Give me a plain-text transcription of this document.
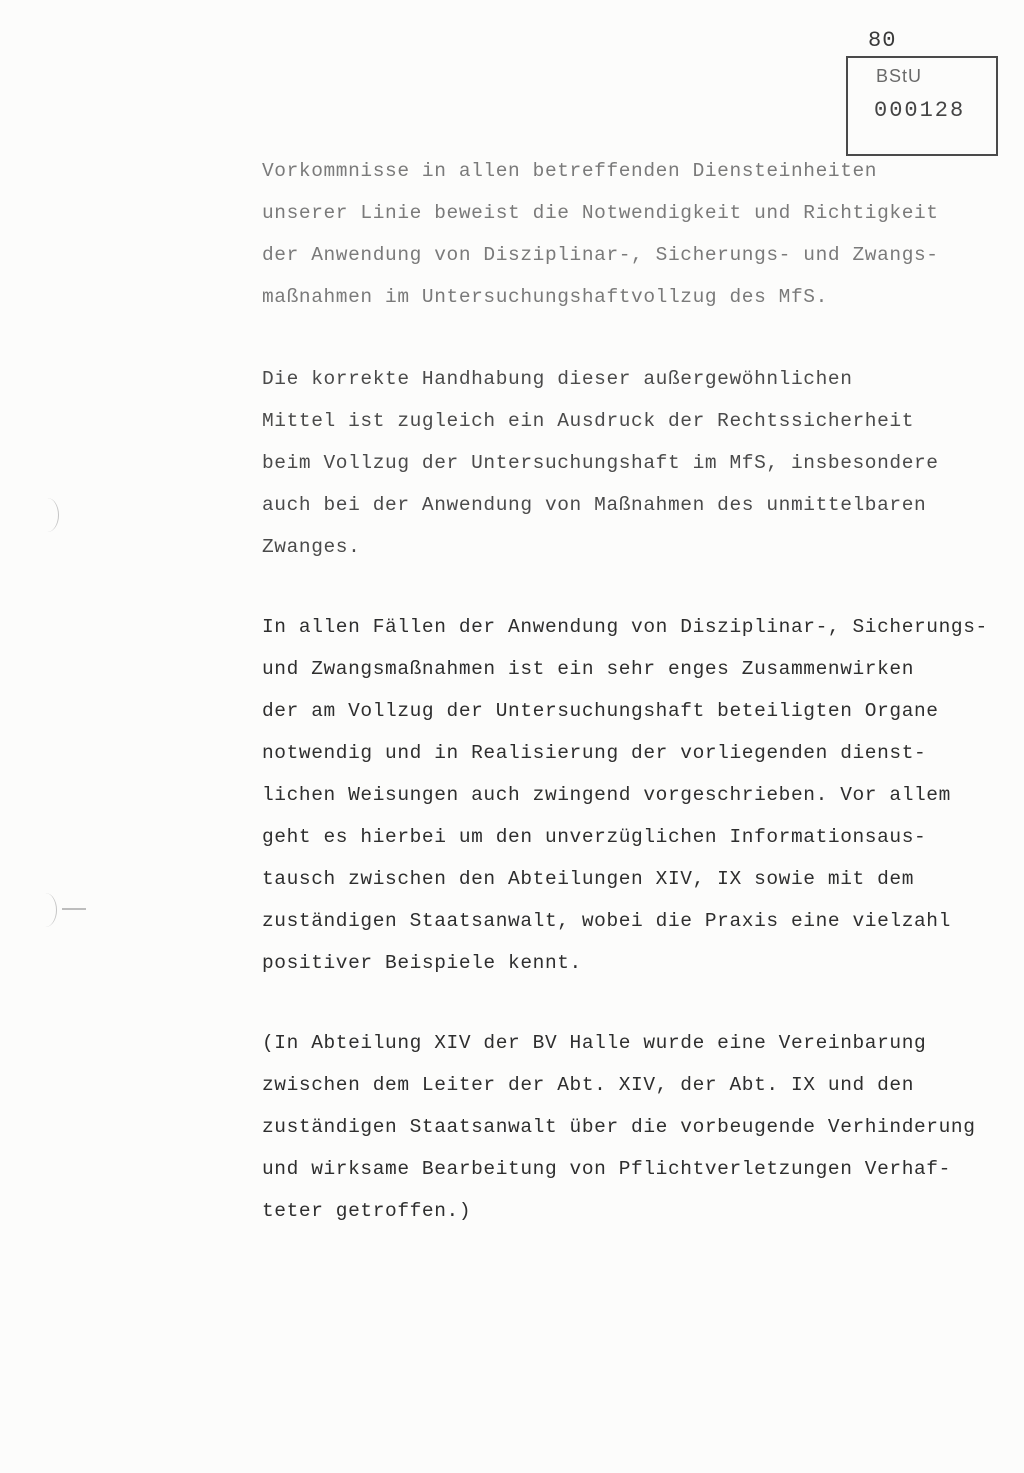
80
BStU
000128
Vorkommnisse in allen betreffenden Diensteinheiten
unserer Linie beweist die Notwendigkeit und Richtigkeit
der Anwendung von Disziplinar-, Sicherungs- und Zwangs-
maßnahmen im Untersuchungshaftvollzug des MfS.
Die korrekte Handhabung dieser außergewöhnlichen
Mittel ist zugleich ein Ausdruck der Rechtssicherheit
beim Vollzug der Untersuchungshaft im MfS, insbesondere
auch bei der Anwendung von Maßnahmen des unmittelbaren
Zwanges.
In allen Fällen der Anwendung von Disziplinar-, Sicherungs-
und Zwangsmaßnahmen ist ein sehr enges Zusammenwirken
der am Vollzug der Untersuchungshaft beteiligten Organe
notwendig und in Realisierung der vorliegenden dienst-
lichen Weisungen auch zwingend vorgeschrieben. Vor allem
geht es hierbei um den unverzüglichen Informationsaus-
tausch zwischen den Abteilungen XIV, IX sowie mit dem
zuständigen Staatsanwalt, wobei die Praxis eine vielzahl
positiver Beispiele kennt.
(In Abteilung XIV der BV Halle wurde eine Vereinbarung
zwischen dem Leiter der Abt. XIV, der Abt. IX und den
zuständigen Staatsanwalt über die vorbeugende Verhinderung
und wirksame Bearbeitung von Pflichtverletzungen Verhaf-
teter getroffen.)
